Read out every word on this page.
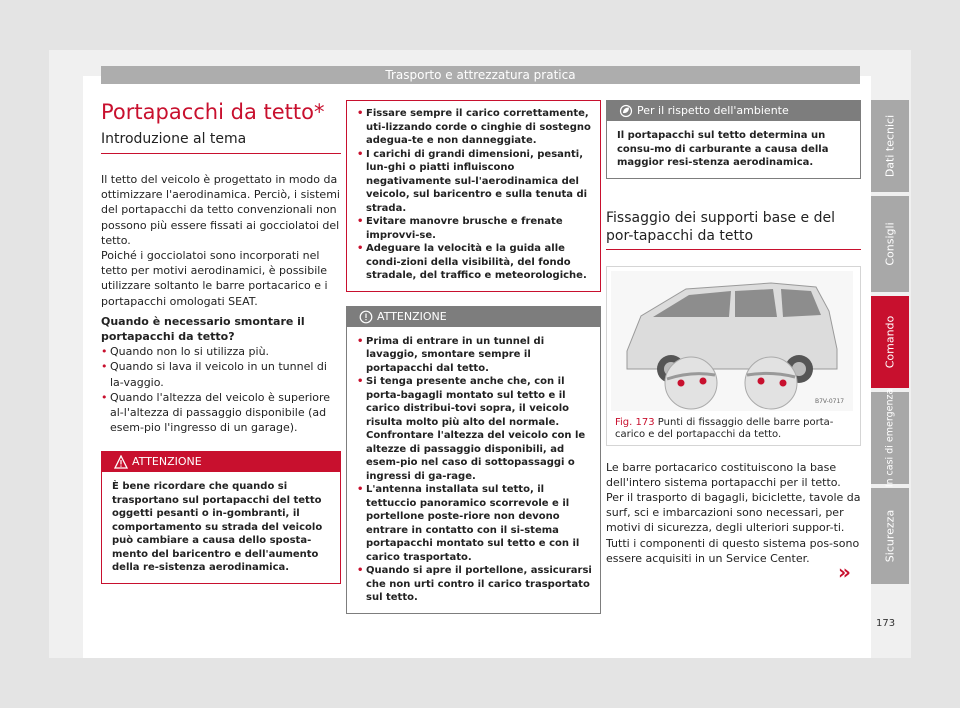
Trasporto e attrezzatura pratica
Portapacchi da tetto*
Introduzione al tema

Il tetto del veicolo è progettato in modo da ottimizzare l'aerodinamica. Perciò, i sistemi del portapacchi da tetto convenzionali non possono più essere fissati ai gocciolatoi del tetto.

Poiché i gocciolatoi sono incorporati nel tetto per motivi aerodinamici, è possibile utilizzare soltanto le barre portacarico e i portapacchi omologati SEAT.

Quando è necessario smontare il portapacchi da tetto?

• Quando non lo si utilizza più.

• Quando si lava il veicolo in un tunnel di la-vaggio.

• Quando l'altezza del veicolo è superiore al-l'altezza di passaggio disponibile (ad esem-pio l'ingresso di un garage).

ATTENZIONE
È bene ricordare che quando si trasportano sul portapacchi del tetto oggetti pesanti o in-gombranti, il comportamento su strada del veicolo può cambiare a causa dello sposta-mento del baricentro e dell'aumento della re-sistenza aerodinamica.

• Fissare sempre il carico correttamente, uti-lizzando corde o cinghie di sostegno adegua-te e non danneggiate.

• I carichi di grandi dimensioni, pesanti, lun-ghi o piatti influiscono negativamente sul-l'aerodinamica del veicolo, sul baricentro e sulla tenuta di strada.

• Evitare manovre brusche e frenate improvvi-se.

• Adeguare la velocità e la guida alle condi-zioni della visibilità, del fondo stradale, del traffico e meteorologiche.

ATTENZIONE

• Prima di entrare in un tunnel di lavaggio, smontare sempre il portapacchi dal tetto.

• Si tenga presente anche che, con il porta-bagagli montato sul tetto e il carico distribui-tovi sopra, il veicolo risulta molto più alto del normale. Confrontare l'altezza del veicolo con le altezze di passaggio disponibili, ad esem-pio nel caso di sottopassaggi o ingressi di ga-rage.

• L'antenna installata sul tetto, il tettuccio panoramico scorrevole e il portellone poste-riore non devono entrare in contatto con il si-stema portapacchi montato sul tetto e con il carico trasportato.

• Quando si apre il portellone, assicurarsi che non urti contro il carico trasportato sul tetto.

Per il rispetto dell'ambiente
Il portapacchi sul tetto determina un consu-mo di carburante a causa della maggior resi-stenza aerodinamica.
Fissaggio dei supporti base e del por-tapacchi da tetto
B7V-0717
Fig. 173 Punti di fissaggio delle barre porta-carico e del portapacchi da tetto.

Le barre portacarico costituiscono la base dell'intero sistema portapacchi per il tetto. Per il trasporto di bagagli, biciclette, tavole da surf, sci e imbarcazioni sono necessari, per motivi di sicurezza, degli ulteriori suppor-ti. Tutti i componenti di questo sistema pos-sono essere acquisiti in un Service Center.

»
Dati tecnici
Consigli
Comando
In casi di emergenza
Sicurezza
173
